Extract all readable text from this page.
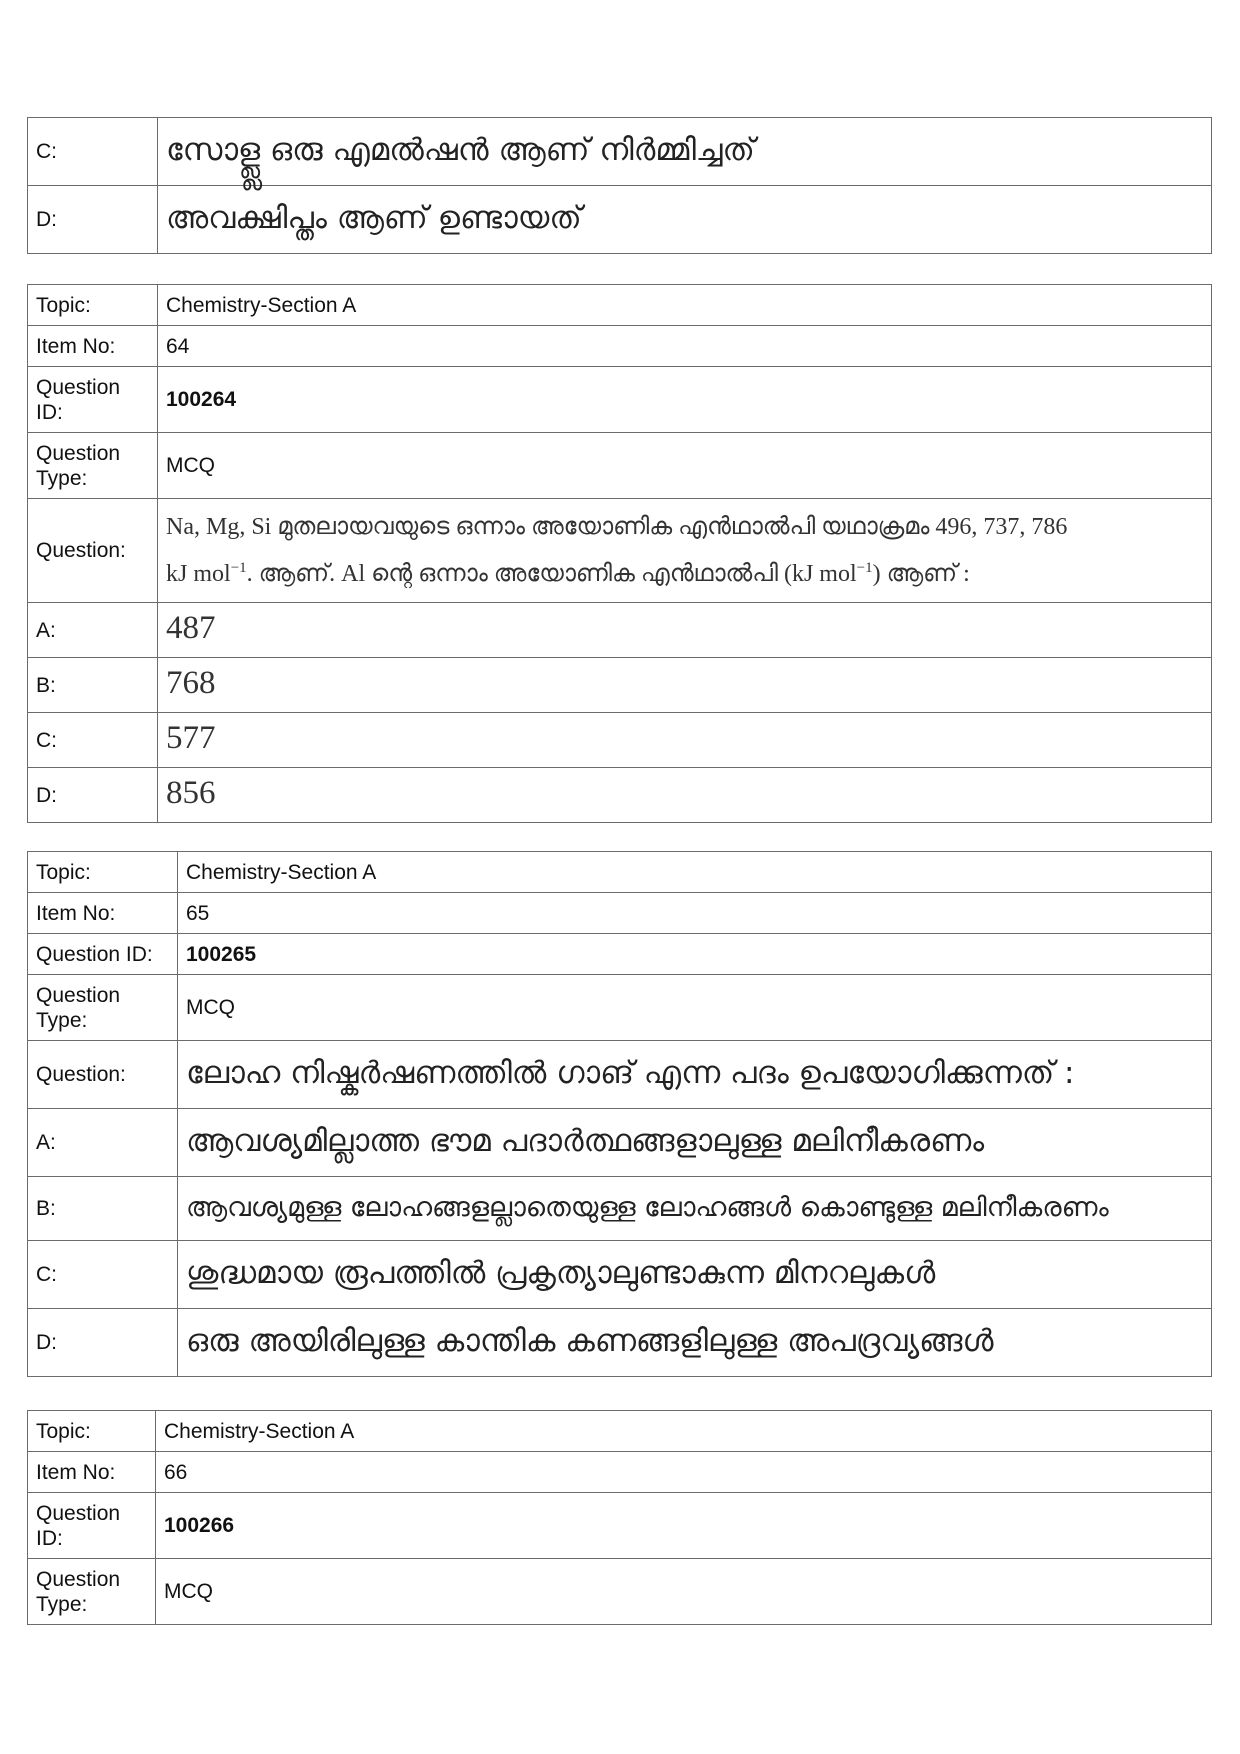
C:	സോള്ല്ല ഒരു എമൽഷൻ ആണ് നിർമ്മിച്ചത്
D:	അവക്ഷിപ്തം ആണ് ഉണ്ടായത്
Topic:	Chemistry-Section A
Item No:	64
Question ID:	100264
Question Type:	MCQ
Question:	Na, Mg, Si മുതലായവയുടെ ഒന്നാം അയോണിക എൻഥാൽപി യഥാക്രമം 496, 737, 786
kJ mol$^{-1}$. ആണ്. Al ന്റെ ഒന്നാം അയോണിക എൻഥാൽപി (kJ mol$^{-1}$) ആണ് :

A:	487
B:	768
C:	577
D:	856
Topic:	Chemistry-Section A
Item No:	65
Question ID:	100265
Question Type:	MCQ
Question:	ലോഹ നിഷ്കർഷണത്തിൽ ഗാങ് എന്ന പദം ഉപയോഗിക്കുന്നത് :
A:	ആവശ്യമില്ലാത്ത ഭൗമ പദാർത്ഥങ്ങളാലുള്ള മലിനീകരണം
B:	ആവശ്യമുള്ള ലോഹങ്ങളല്ലാതെയുള്ള ലോഹങ്ങൾ കൊണ്ടുള്ള മലിനീകരണം
C:	ശുദ്ധമായ രൂപത്തിൽ പ്രകൃത്യാലുണ്ടാകുന്ന മിനറലുകൾ
D:	ഒരു അയിരിലുള്ള കാന്തിക കണങ്ങളിലുള്ള അപദ്രവ്യങ്ങൾ
Topic:	Chemistry-Section A
Item No:	66
Question ID:	100266
Question Type:	MCQ
